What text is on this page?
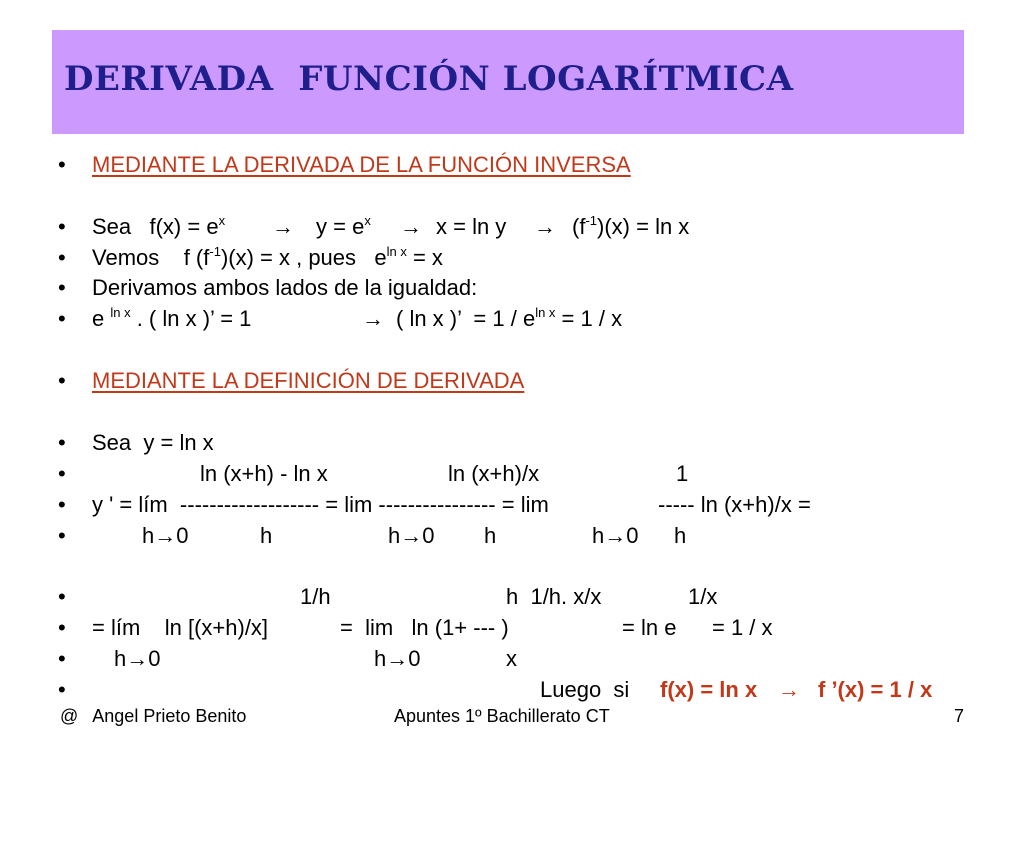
DERIVADA  FUNCIÓN LOGARÍTMICA

•

MEDIANTE LA DERIVADA DE LA FUNCIÓN INVERSA

•

Sea   $f(x) = e^x$

→

$y = e^x$

→

x = ln y

→

$(f^{-1})(x) = \ln x$

•

Vemos    f $(f^{-1})(x) = x$ , pues   $e^{ln x} = x$

•

Derivamos ambos lados de la igualdad:

•

e $^{ln x}$ . ( ln x )’ = 1

	→

( ln x )’  = $1 / e^{ln x} = 1 / x$

•

MEDIANTE LA DEFINICIÓN DE DERIVADA

•

Sea  y = ln x

•

	ln (x+h) - ln x

	ln (x+h)/x

	1

•

y ' = lím  ------------------- = lim ---------------- = lim

	----- ln (x+h)/x =

•

	h→0

	h

	h→0

h

	h→0

h

•

	1/h

	h  1/h. x/x

	1/x

•

= lím    ln [(x+h)/x]

	=  lim   ln (1+ --- )

	= ln e

= 1 / x

•

h→0

	h→0

	x

•

	Luego  si

f(x) = ln x

→

f ’(x) = 1 / x

@   Angel Prieto Benito	Apuntes 1º Bachillerato CT	7
